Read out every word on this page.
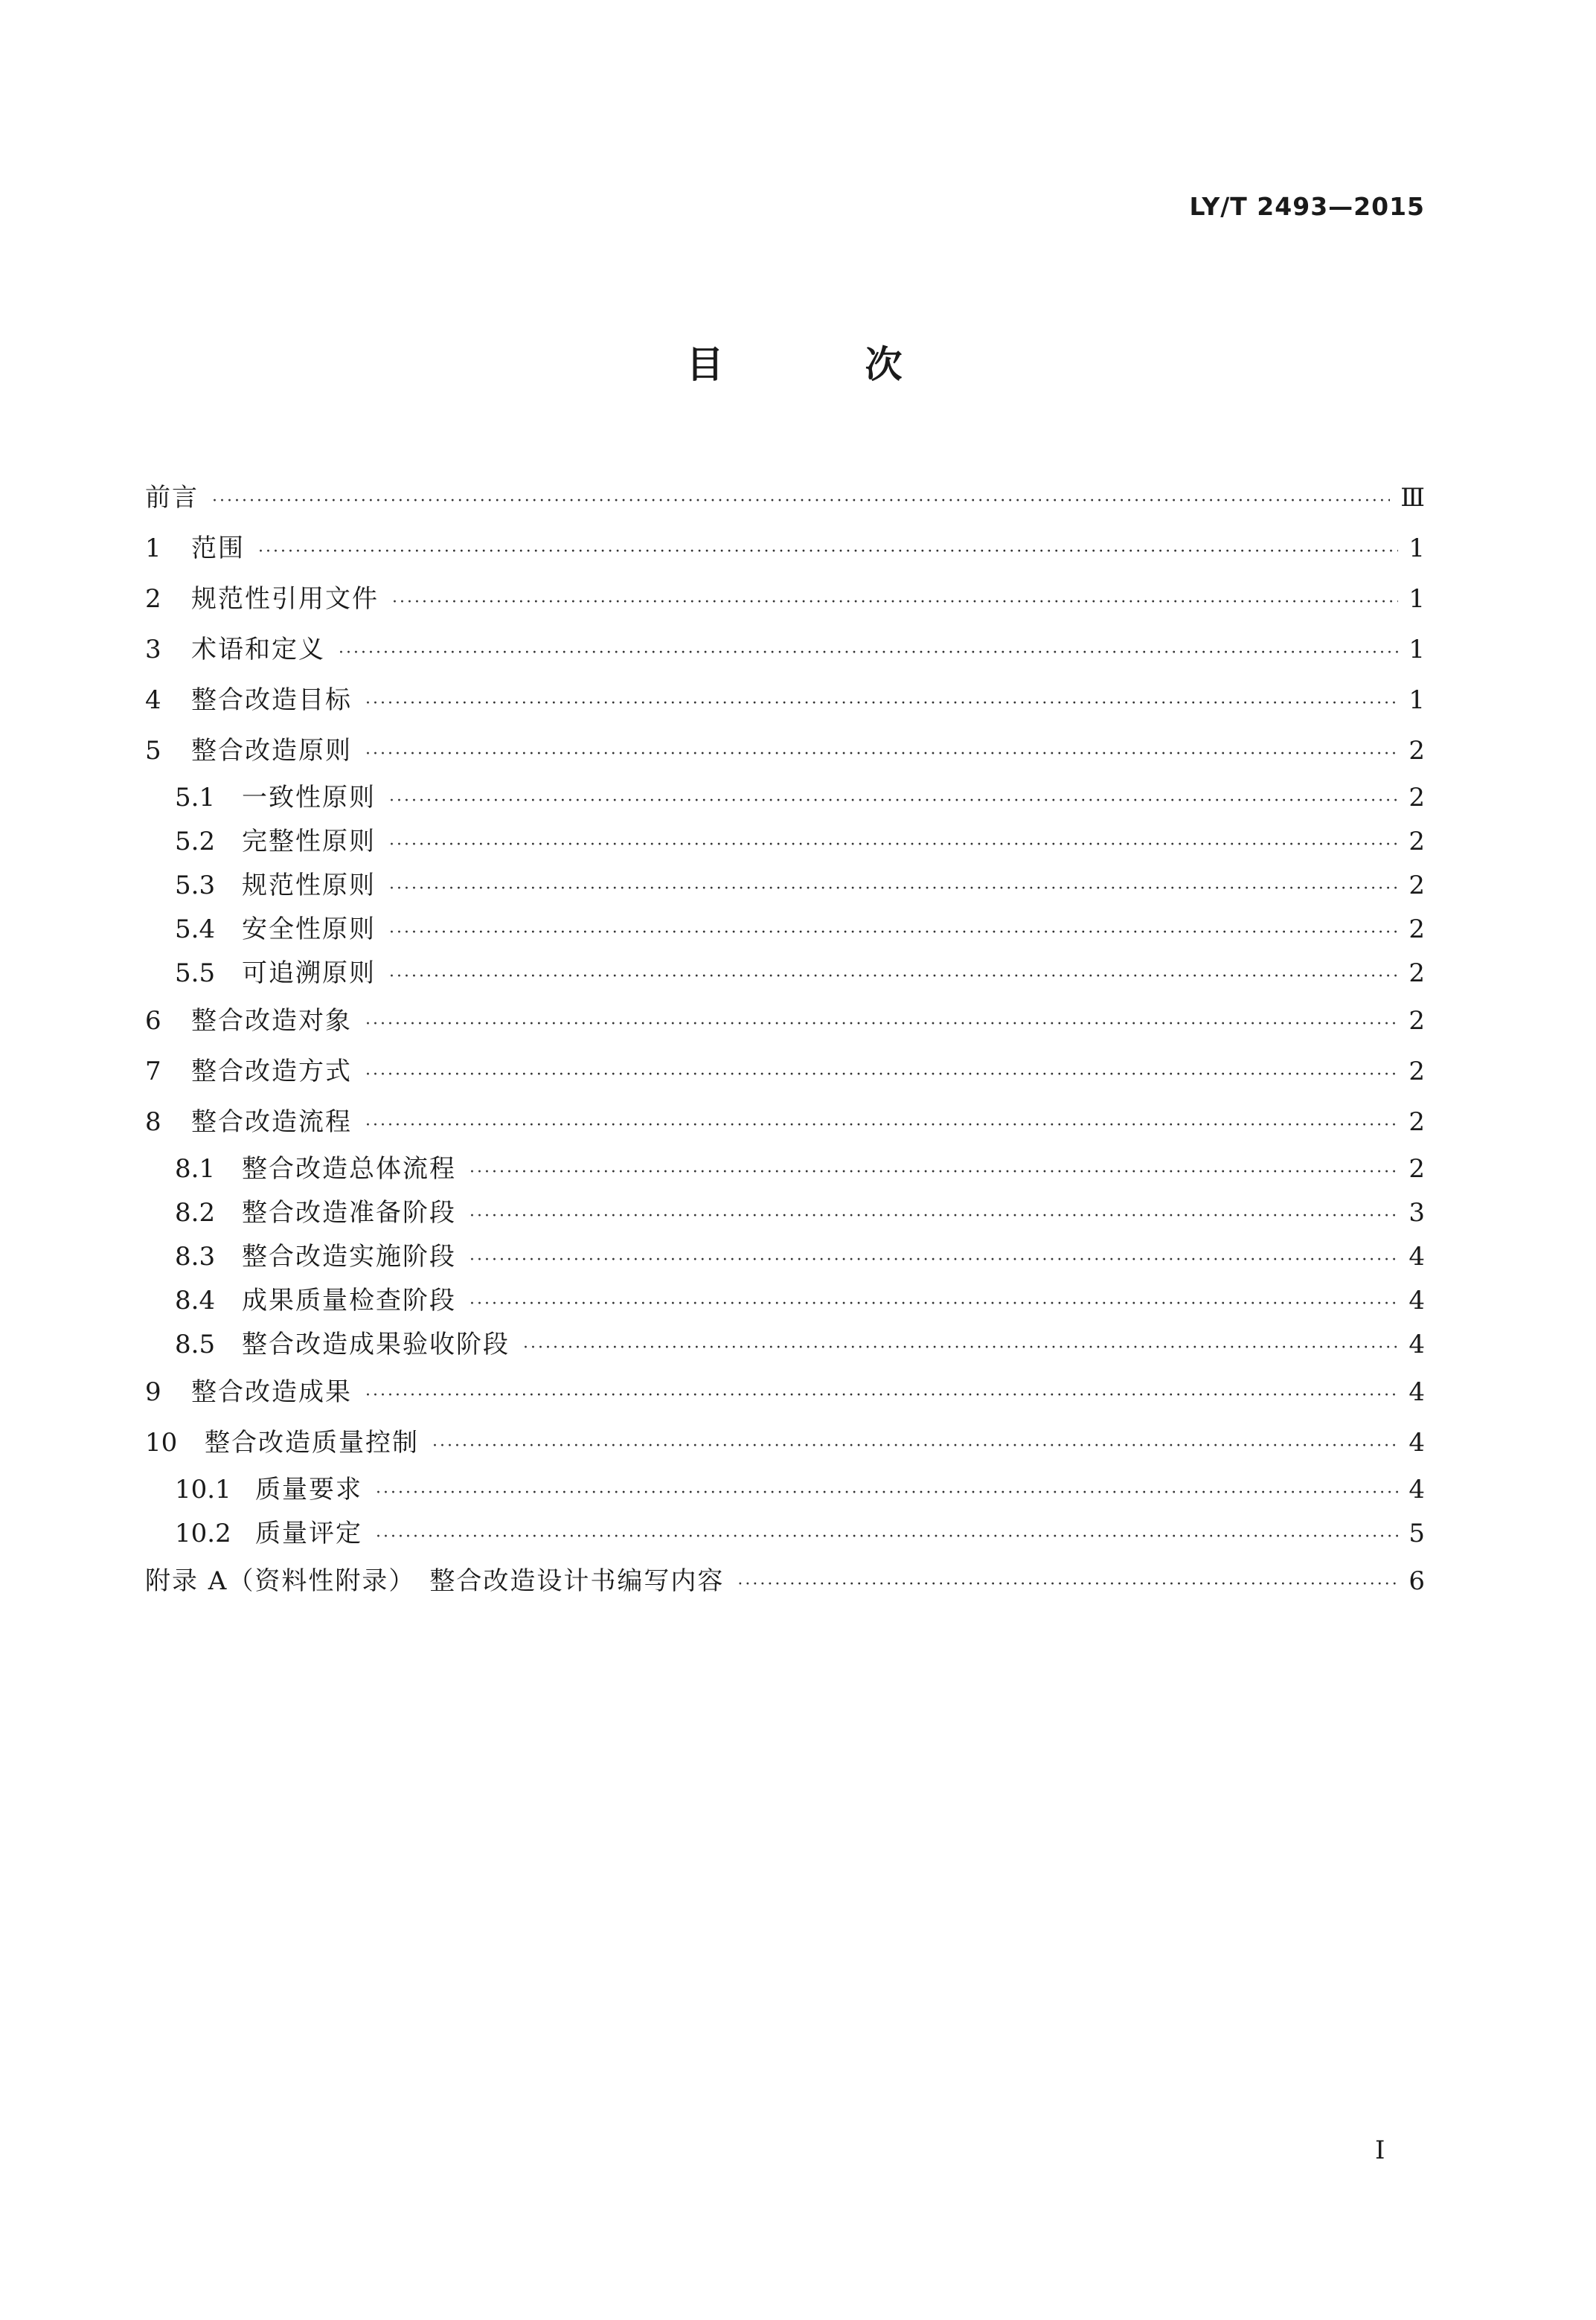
LY/T 2493—2015
目　次
前言 ·····	Ⅲ
1	范围 ·····	1
2	规范性引用文件 ·····	1
3	术语和定义 ·····	1
4	整合改造目标 ·····	1
5	整合改造原则 ·····	2
5.1	一致性原则 ·····	2
5.2	完整性原则 ·····	2
5.3	规范性原则 ·····	2
5.4	安全性原则 ·····	2
5.5	可追溯原则 ·····	2
6	整合改造对象 ·····	2
7	整合改造方式 ·····	2
8	整合改造流程 ·····	2
8.1	整合改造总体流程 ·····	2
8.2	整合改造准备阶段 ·····	3
8.3	整合改造实施阶段 ·····	4
8.4	成果质量检查阶段 ·····	4
8.5	整合改造成果验收阶段 ·····	4
9	整合改造成果 ·····	4
10	整合改造质量控制 ·····	4
10.1 质量要求 ·····	4
10.2 质量评定 ·····	5
附录 A（资料性附录）　整合改造设计书编写内容 ·····	6
Ⅰ
